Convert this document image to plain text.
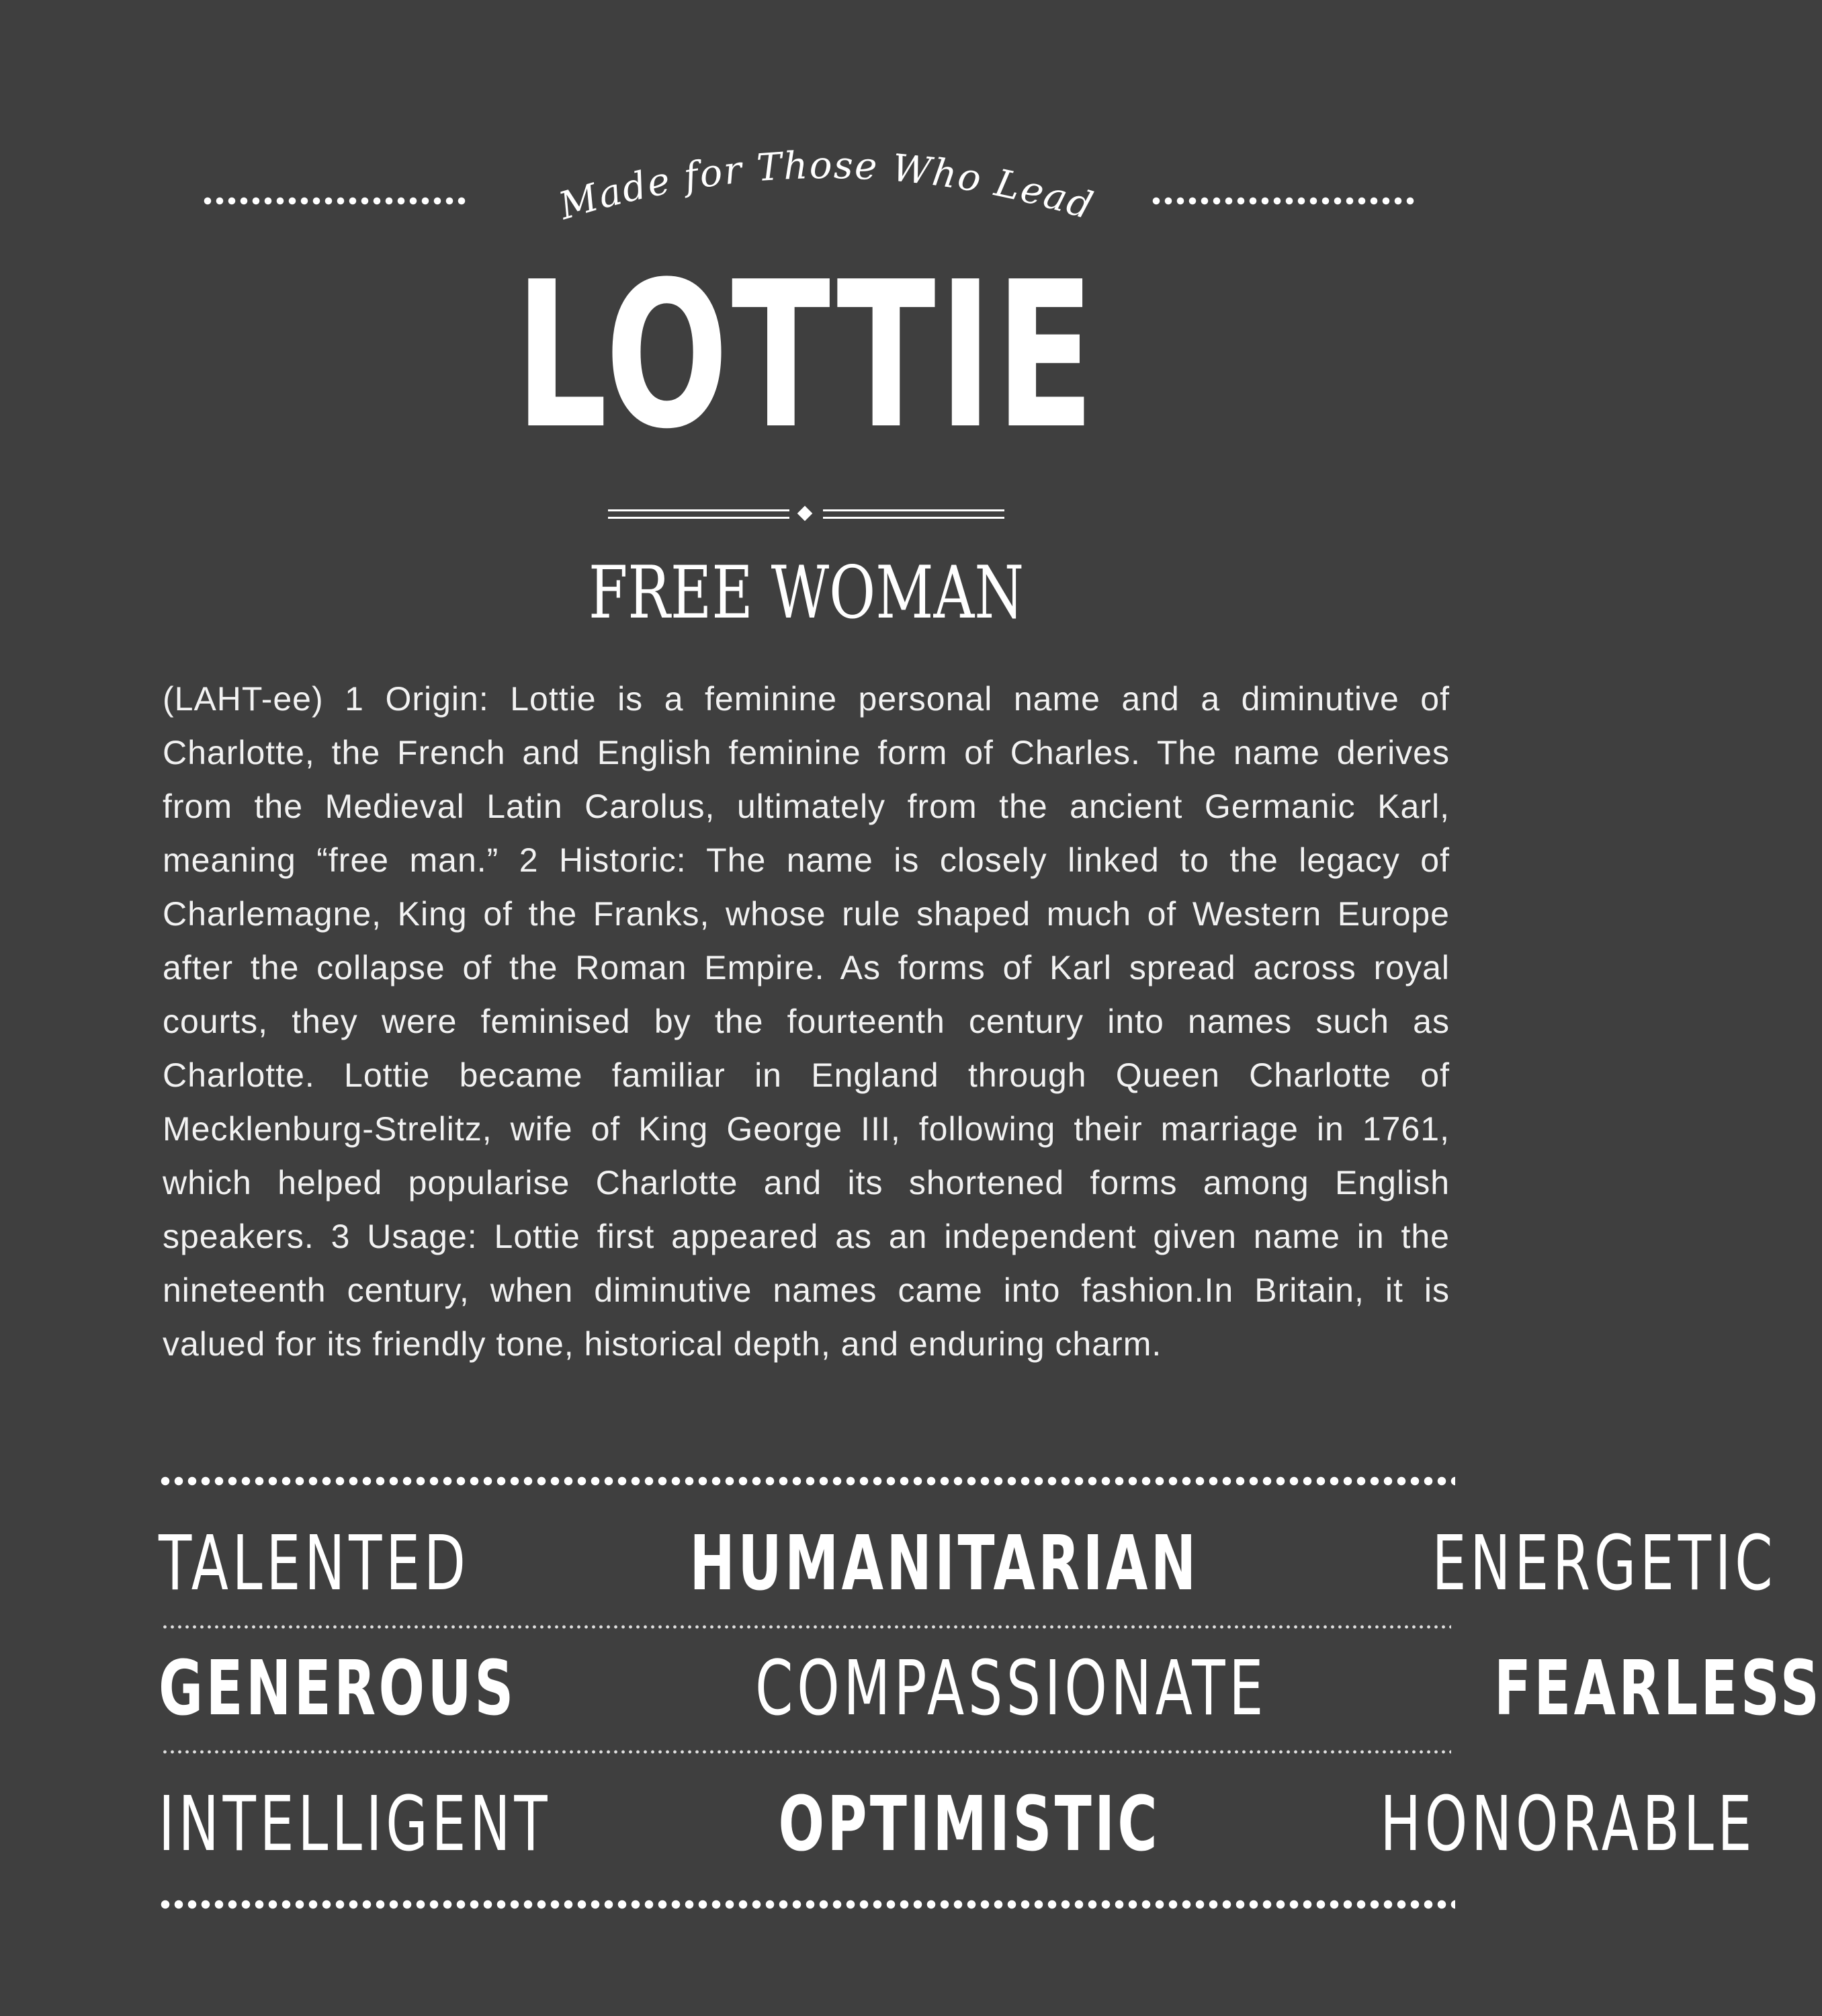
Made for Those Who Lead
LOTTIE
FREE WOMAN
(LAHT-ee) 1 Origin: Lottie is a feminine personal name and a diminutive of Charlotte, the French and English feminine form of Charles. The name derives from the Medieval Latin Carolus, ultimately from the ancient Germanic Karl, meaning “free man.” 2 Historic: The name is closely linked to the legacy of Charlemagne, King of the Franks, whose rule shaped much of Western Europe after the collapse of the Roman Empire. As forms of Karl spread across royal courts, they were feminised by the fourteenth century into names such as Charlotte. Lottie became familiar in England through Queen Charlotte of Mecklenburg-Strelitz, wife of King George III, following their marriage in 1761, which helped popularise Charlotte and its shortened forms among English speakers. 3 Usage: Lottie first appeared as an independent given name in the nineteenth century, when diminutive names came into fashion.In Britain, it is valued for its friendly tone, historical depth, and enduring charm.
TALENTED	HUMANITARIAN	ENERGETIC
GENEROUS	COMPASSIONATE	FEARLESS
INTELLIGENT	OPTIMISTIC	HONORABLE
